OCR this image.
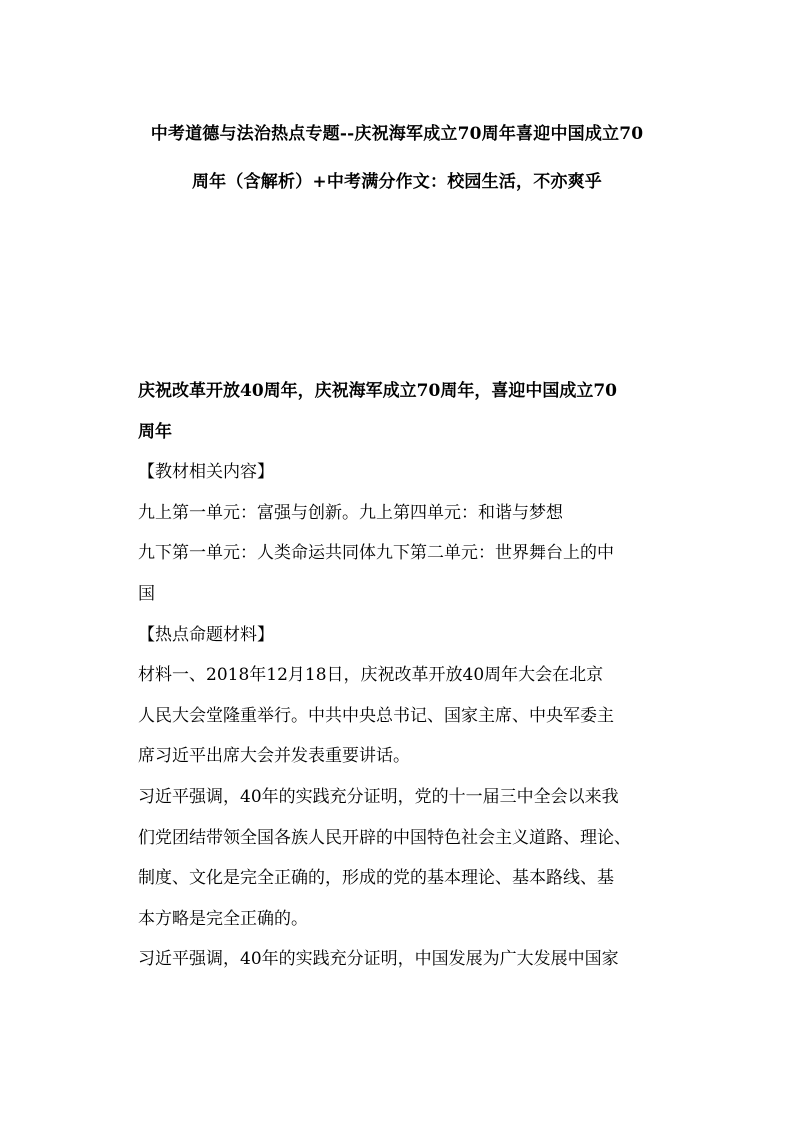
中考道德与法治热点专题--庆祝海军成立70周年喜迎中国成立70

周年（含解析）+中考满分作文：校园生活，不亦爽乎

庆祝改革开放40周年，庆祝海军成立70周年，喜迎中国成立70

周年

【教材相关内容】

九上第一单元：富强与创新。九上第四单元：和谐与梦想

九下第一单元：人类命运共同体九下第二单元：世界舞台上的中

国

【热点命题材料】

材料一、2018年12月18日，庆祝改革开放40周年大会在北京

人民大会堂隆重举行。中共中央总书记、国家主席、中央军委主

席习近平出席大会并发表重要讲话。

习近平强调，40年的实践充分证明，党的十一届三中全会以来我

们党团结带领全国各族人民开辟的中国特色社会主义道路、理论、

制度、文化是完全正确的，形成的党的基本理论、基本路线、基

本方略是完全正确的。

习近平强调，40年的实践充分证明，中国发展为广大发展中国家
